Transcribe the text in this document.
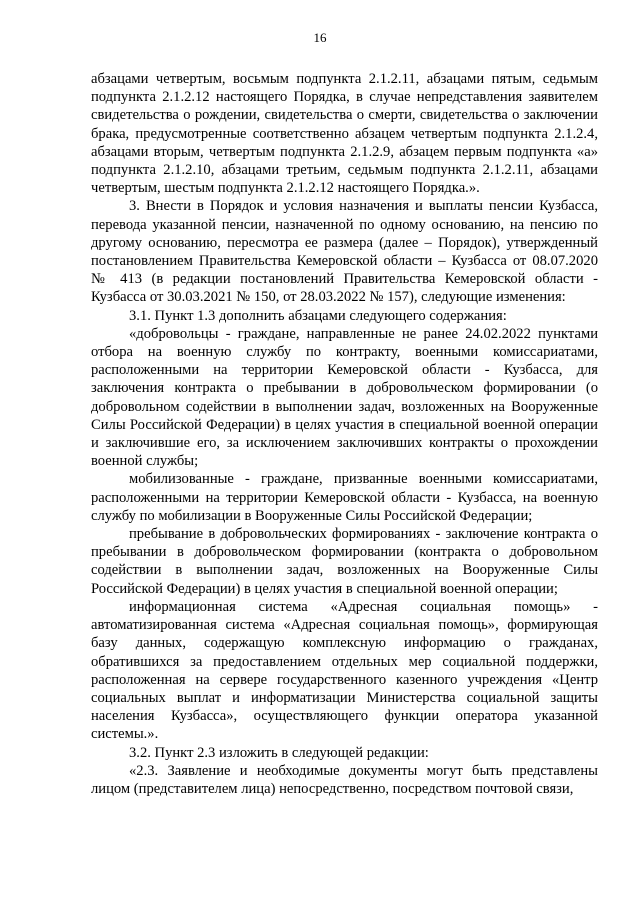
16

абзацами четвертым, восьмым подпункта 2.1.2.11, абзацами пятым, седьмым подпункта 2.1.2.12 настоящего Порядка, в случае непредставления заявителем свидетельства о рождении, свидетельства о смерти, свидетельства о заключении брака, предусмотренные соответственно абзацем четвертым подпункта 2.1.2.4, абзацами вторым, четвертым подпункта 2.1.2.9, абзацем первым подпункта «а» подпункта 2.1.2.10, абзацами третьим, седьмым подпункта 2.1.2.11, абзацами четвертым, шестым подпункта 2.1.2.12 настоящего Порядка.».

3. Внести в Порядок и условия назначения и выплаты пенсии Кузбасса, перевода указанной пенсии, назначенной по одному основанию, на пенсию по другому основанию, пересмотра ее размера (далее – Порядок), утвержденный постановлением Правительства Кемеровской области – Кузбасса от 08.07.2020 № 413 (в редакции постановлений Правительства Кемеровской области - Кузбасса от 30.03.2021 № 150, от 28.03.2022 № 157), следующие изменения:

3.1. Пункт 1.3 дополнить абзацами следующего содержания:

«добровольцы - граждане, направленные не ранее 24.02.2022 пунктами отбора на военную службу по контракту, военными комиссариатами, расположенными на территории Кемеровской области - Кузбасса, для заключения контракта о пребывании в добровольческом формировании (о добровольном содействии в выполнении задач, возложенных на Вооруженные Силы Российской Федерации) в целях участия в специальной военной операции и заключившие его, за исключением заключивших контракты о прохождении военной службы;

мобилизованные - граждане, призванные военными комиссариатами, расположенными на территории Кемеровской области - Кузбасса, на военную службу по мобилизации в Вооруженные Силы Российской Федерации;

пребывание в добровольческих формированиях - заключение контракта о пребывании в добровольческом формировании (контракта о добровольном содействии в выполнении задач, возложенных на Вооруженные Силы Российской Федерации) в целях участия в специальной военной операции;

информационная система «Адресная социальная помощь» - автоматизированная система «Адресная социальная помощь», формирующая базу данных, содержащую комплексную информацию о гражданах, обратившихся за предоставлением отдельных мер социальной поддержки, расположенная на сервере государственного казенного учреждения «Центр социальных выплат и информатизации Министерства социальной защиты населения Кузбасса», осуществляющего функции оператора указанной системы.».

3.2. Пункт 2.3 изложить в следующей редакции:

«2.3. Заявление и необходимые документы могут быть представлены лицом (представителем лица) непосредственно, посредством почтовой связи,
